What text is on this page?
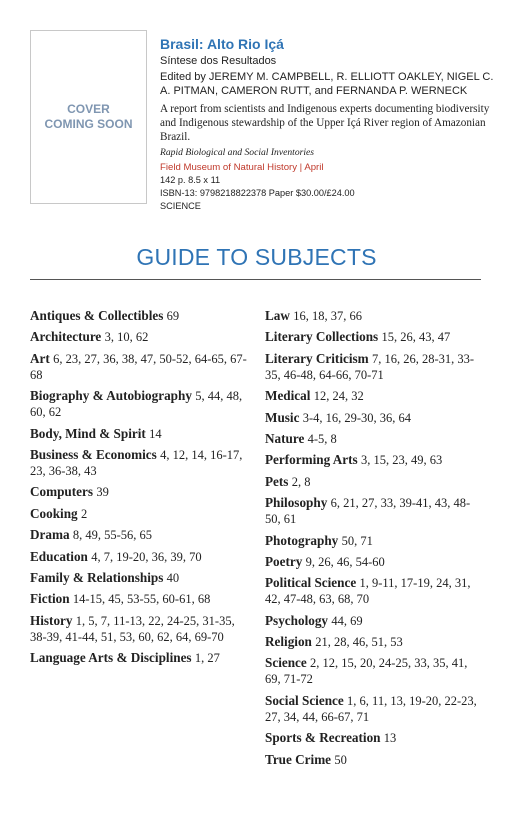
COVER
COMING SOON
Brasil: Alto Rio Içá
Síntese dos Resultados
Edited by JEREMY M. CAMPBELL, R. ELLIOTT OAKLEY, NIGEL C. A. PITMAN, CAMERON RUTT, and FERNANDA P. WERNECK
A report from scientists and Indigenous experts documenting biodiversity and Indigenous stewardship of the Upper Içá River region of Amazonian Brazil.
Rapid Biological and Social Inventories
Field Museum of Natural History | April
142 p. 8.5 x 11
ISBN-13: 9798218822378 Paper $30.00/£24.00
SCIENCE
GUIDE TO SUBJECTS
Antiques & Collectibles 69
Architecture 3, 10, 62
Art 6, 23, 27, 36, 38, 47, 50-52, 64-65, 67-68
Biography & Autobiography 5, 44, 48, 60, 62
Body, Mind & Spirit 14
Business & Economics 4, 12, 14, 16-17, 23, 36-38, 43
Computers 39
Cooking 2
Drama 8, 49, 55-56, 65
Education 4, 7, 19-20, 36, 39, 70
Family & Relationships 40
Fiction 14-15, 45, 53-55, 60-61, 68
History 1, 5, 7, 11-13, 22, 24-25, 31-35, 38-39, 41-44, 51, 53, 60, 62, 64, 69-70
Language Arts & Disciplines 1, 27
Law 16, 18, 37, 66
Literary Collections 15, 26, 43, 47
Literary Criticism 7, 16, 26, 28-31, 33-35, 46-48, 64-66, 70-71
Medical 12, 24, 32
Music 3-4, 16, 29-30, 36, 64
Nature 4-5, 8
Performing Arts 3, 15, 23, 49, 63
Pets 2, 8
Philosophy 6, 21, 27, 33, 39-41, 43, 48-50, 61
Photography 50, 71
Poetry 9, 26, 46, 54-60
Political Science 1, 9-11, 17-19, 24, 31, 42, 47-48, 63, 68, 70
Psychology 44, 69
Religion 21, 28, 46, 51, 53
Science 2, 12, 15, 20, 24-25, 33, 35, 41, 69, 71-72
Social Science 1, 6, 11, 13, 19-20, 22-23, 27, 34, 44, 66-67, 71
Sports & Recreation 13
True Crime 50
